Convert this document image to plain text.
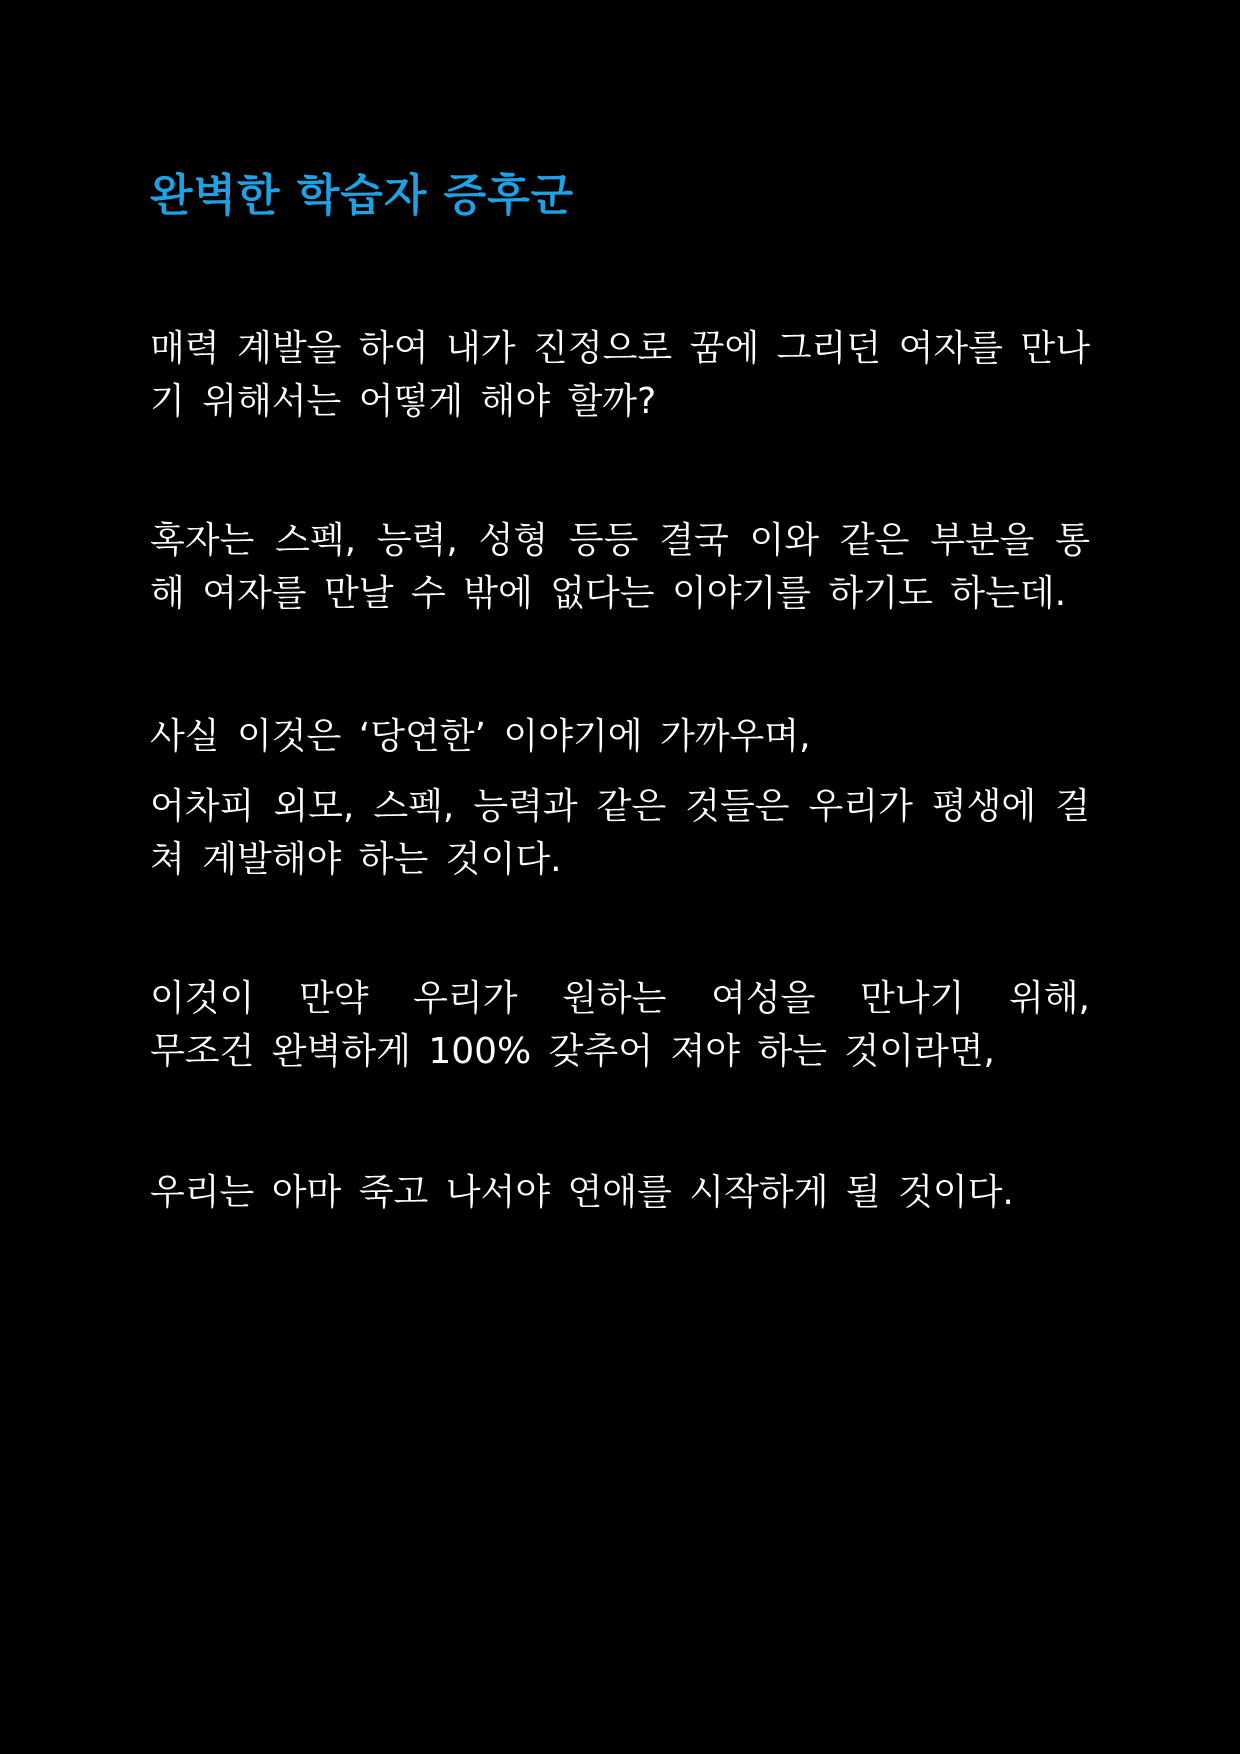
완벽한 학습자 증후군

매력 계발을 하여 내가 진정으로 꿈에 그리던 여자를 만나기 위해서는 어떻게 해야 할까?

혹자는 스펙, 능력, 성형 등등 결국 이와 같은 부분을 통해 여자를 만날 수 밖에 없다는 이야기를 하기도 하는데.

사실 이것은 ‘당연한’ 이야기에 가까우며,

어차피 외모, 스펙, 능력과 같은 것들은 우리가 평생에 걸쳐 계발해야 하는 것이다.

이것이 만약 우리가 원하는 여성을 만나기 위해,

무조건 완벽하게 100% 갖추어 져야 하는 것이라면,

우리는 아마 죽고 나서야 연애를 시작하게 될 것이다.
